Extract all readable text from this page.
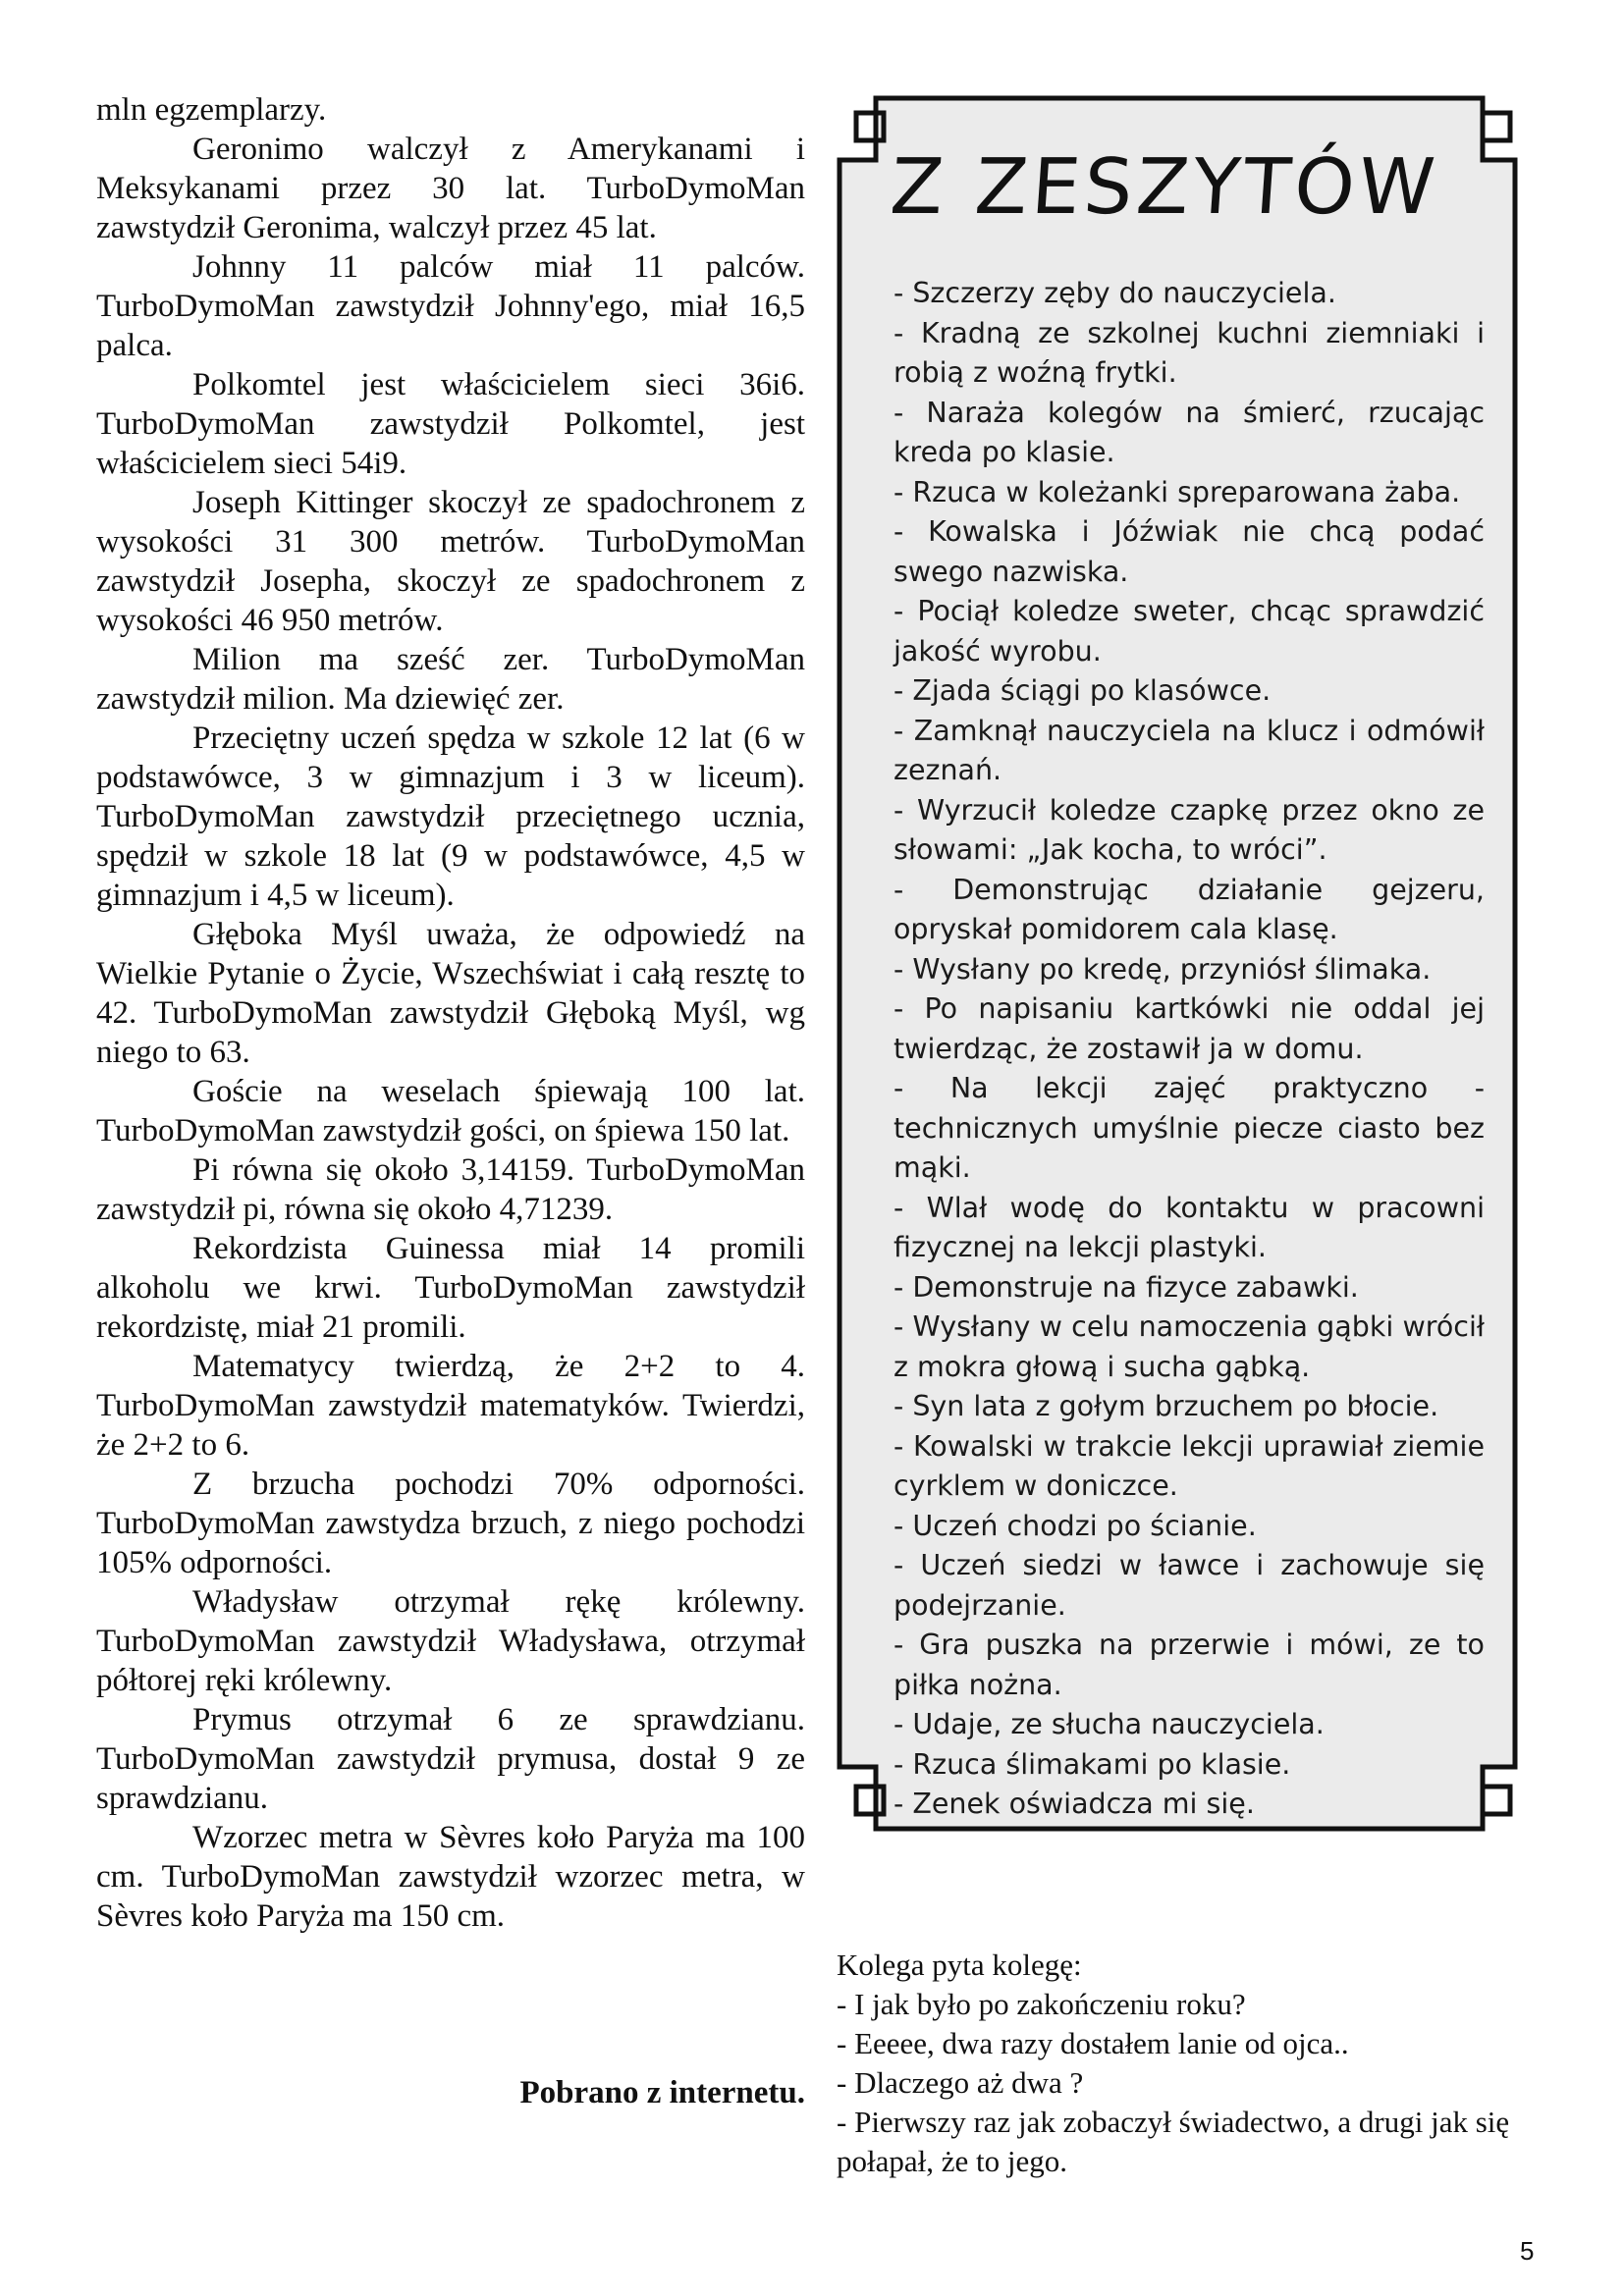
mln egzemplarzy.

Geronimo walczył z Amerykanami i Meksykanami przez 30 lat. TurboDymoMan zawstydził Geronima, walczył przez 45 lat.

Johnny 11 palców miał 11 palców. TurboDymoMan zawstydził Johnny'ego, miał 16,5 palca.

Polkomtel jest właścicielem sieci 36i6. TurboDymoMan zawstydził Polkomtel, jest właścicielem sieci 54i9.

Joseph Kittinger skoczył ze spadochronem z wysokości 31 300 metrów. TurboDymoMan zawstydził Josepha, skoczył ze spadochronem z wysokości 46 950 metrów.

Milion ma sześć zer. TurboDymoMan zawstydził milion. Ma dziewięć zer.

Przeciętny uczeń spędza w szkole 12 lat (6 w podstawówce, 3 w gimnazjum i 3 w liceum). TurboDymoMan zawstydził przeciętnego ucznia, spędził w szkole 18 lat (9 w podstawówce, 4,5 w gimnazjum i 4,5 w liceum).

Głęboka Myśl uważa, że odpowiedź na Wielkie Pytanie o Życie, Wszechświat i całą resztę to 42. TurboDymoMan zawstydził Głęboką Myśl, wg niego to 63.

Goście na weselach śpiewają 100 lat. TurboDymoMan zawstydził gości, on śpiewa 150 lat.

Pi równa się około 3,14159. TurboDymoMan zawstydził pi, równa się około 4,71239.

Rekordzista Guinessa miał 14 promili alkoholu we krwi. TurboDymoMan zawstydził rekordzistę, miał 21 promili.

Matematycy twierdzą, że 2+2 to 4. TurboDymoMan zawstydził matematyków. Twierdzi, że 2+2 to 6.

Z brzucha pochodzi 70% odporności. TurboDymoMan zawstydza brzuch, z niego pochodzi 105% odporności.

Władysław otrzymał rękę królewny. TurboDymoMan zawstydził Władysława, otrzymał półtorej ręki królewny.

Prymus otrzymał 6 ze sprawdzianu. TurboDymoMan zawstydził prymusa, dostał 9 ze sprawdzianu.

Wzorzec metra w Sèvres koło Paryża ma 100 cm. TurboDymoMan zawstydził wzorzec metra, w Sèvres koło Paryża ma 150 cm.

Pobrano z internetu.
Z ZESZYTÓW
- Szczerzy zęby do nauczyciela.
- Kradną ze szkolnej kuchni ziemniaki i robią z woźną frytki.
- Naraża kolegów na śmierć, rzucając kreda po klasie.
- Rzuca w koleżanki spreparowana żaba.
- Kowalska i Jóźwiak nie chcą podać swego nazwiska.
- Pociął koledze sweter, chcąc sprawdzić jakość wyrobu.
- Zjada ściągi po klasówce.
- Zamknął nauczyciela na klucz i odmówił zeznań.
- Wyrzucił koledze czapkę przez okno ze słowami: „Jak kocha, to wróci”.
- Demonstrując działanie gejzeru, opryskał pomidorem cala klasę.
- Wysłany po kredę, przyniósł ślimaka.
- Po napisaniu kartkówki nie oddal jej twierdząc, że zostawił ja w domu.
- Na lekcji zajęć praktyczno - technicznych umyślnie piecze ciasto bez mąki.
- Wlał wodę do kontaktu w pracowni fizycznej na lekcji plastyki.
- Demonstruje na fizyce zabawki.
- Wysłany w celu namoczenia gąbki wrócił z mokra głową i sucha gąbką.
- Syn lata z gołym brzuchem po błocie.
- Kowalski w trakcie lekcji uprawiał ziemie cyrklem w doniczce.
- Uczeń chodzi po ścianie.
- Uczeń siedzi w ławce i zachowuje się podejrzanie.
- Gra puszka na przerwie i mówi, ze to piłka nożna.
- Udaje, ze słucha nauczyciela.
- Rzuca ślimakami po klasie.
- Zenek oświadcza mi się.
Kolega pyta kolegę:
- I jak było po zakończeniu roku?
- Eeeee, dwa razy dostałem lanie od ojca..
- Dlaczego aż dwa ?
- Pierwszy raz jak zobaczył świadectwo, a drugi jak się połapał, że to jego.
5
